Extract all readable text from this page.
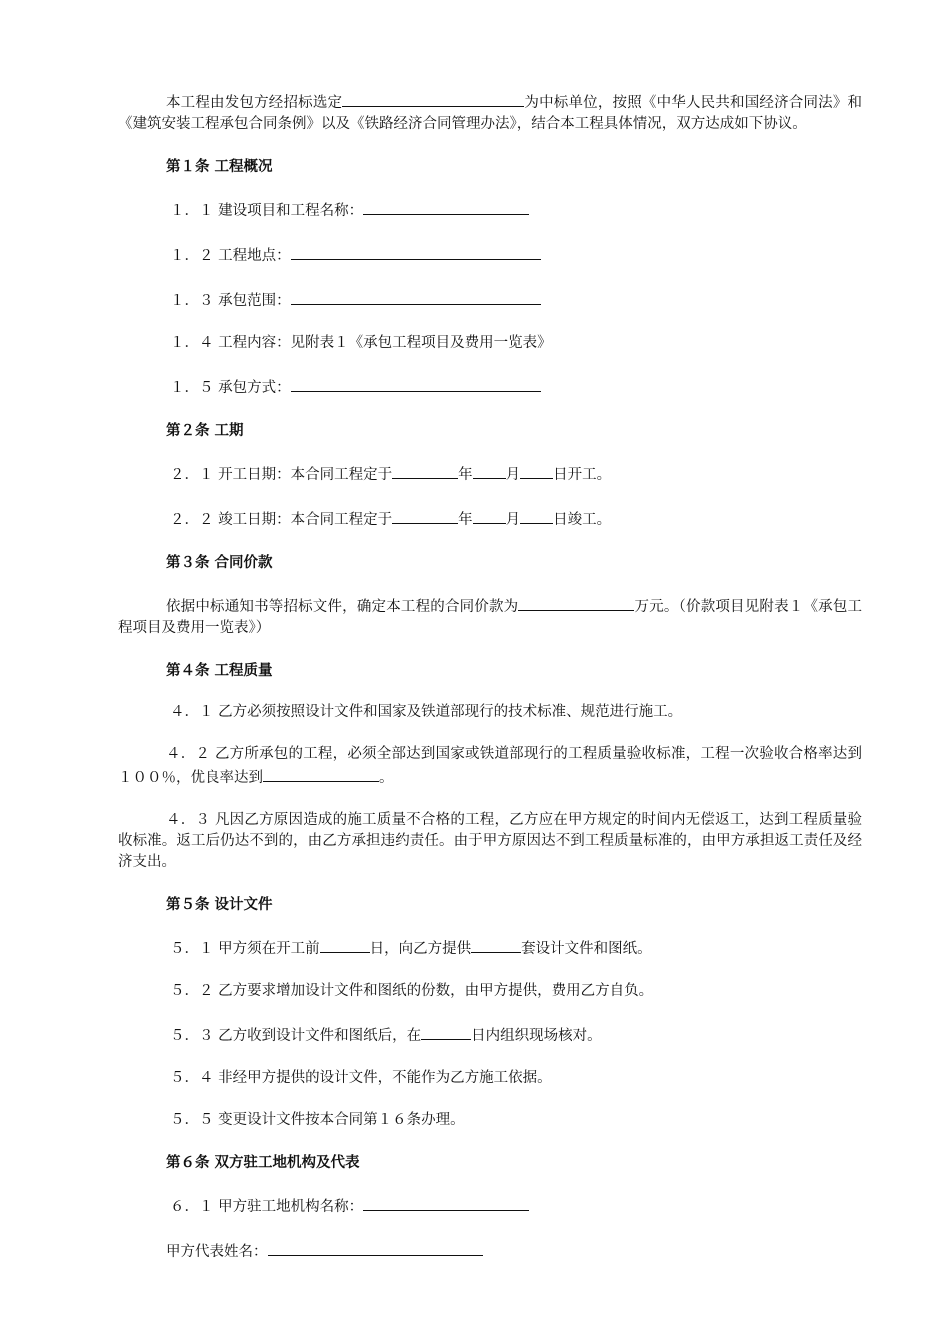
本工程由发包方经招标选定	为中标单位，按照《中华人民共和国经济合同法》和《建筑安装工程承包合同条例》以及《铁路经济合同管理办法》，结合本工程具体情况，双方达成如下协议。

第１条 工程概况

１．１ 建设项目和工程名称：

１．２ 工程地点：

１．３ 承包范围：

１．４ 工程内容：见附表１《承包工程项目及费用一览表》

１．５ 承包方式：

第２条 工期

２．１ 开工日期：本合同工程定于	年 月 日开工。

２．２ 竣工日期：本合同工程定于	年 月 日竣工。

第３条 合同价款

依据中标通知书等招标文件，确定本工程的合同价款为	万元。（价款项目见附表１《承包工程项目及费用一览表》）

第４条 工程质量

４．１ 乙方必须按照设计文件和国家及铁道部现行的技术标准、规范进行施工。

４．２ 乙方所承包的工程，必须全部达到国家或铁道部现行的工程质量验收标准，工程一次验收合格率达到１００％，优良率达到	。

４．３ 凡因乙方原因造成的施工质量不合格的工程，乙方应在甲方规定的时间内无偿返工，达到工程质量验收标准。返工后仍达不到的，由乙方承担违约责任。由于甲方原因达不到工程质量标准的，由甲方承担返工责任及经济支出。

第５条 设计文件

５．１ 甲方须在开工前	日，向乙方提供	套设计文件和图纸。

５．２ 乙方要求增加设计文件和图纸的份数，由甲方提供，费用乙方自负。

５．３ 乙方收到设计文件和图纸后，在	日内组织现场核对。

５．４ 非经甲方提供的设计文件，不能作为乙方施工依据。

５．５ 变更设计文件按本合同第１６条办理。

第６条 双方驻工地机构及代表

６．１ 甲方驻工地机构名称：

甲方代表姓名：
